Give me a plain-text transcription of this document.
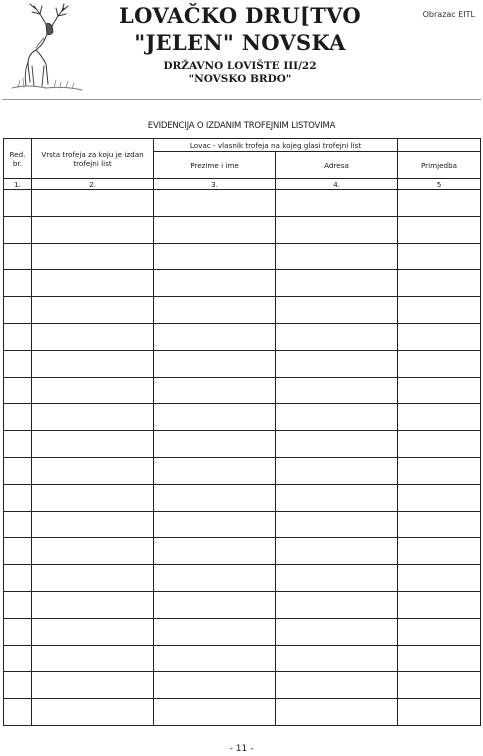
LOVAČKO DRU[TVO
"JELEN" NOVSKA
DRŽAVNO LOVIŠTE III/22
"NOVSKO BRDO"
Obrazac EITL
EVIDENCIJA O IZDANIM TROFEJNIM LISTOVIMA
Red. br.	Vrsta trofeja za koju je izdan trofejni list	Lovac - vlasnik trofeja na kojeg glasi trofejni list		
		Prezime i ime	Adresa	Primjedba
1.	2.	3.	4.	5

- 11 -
